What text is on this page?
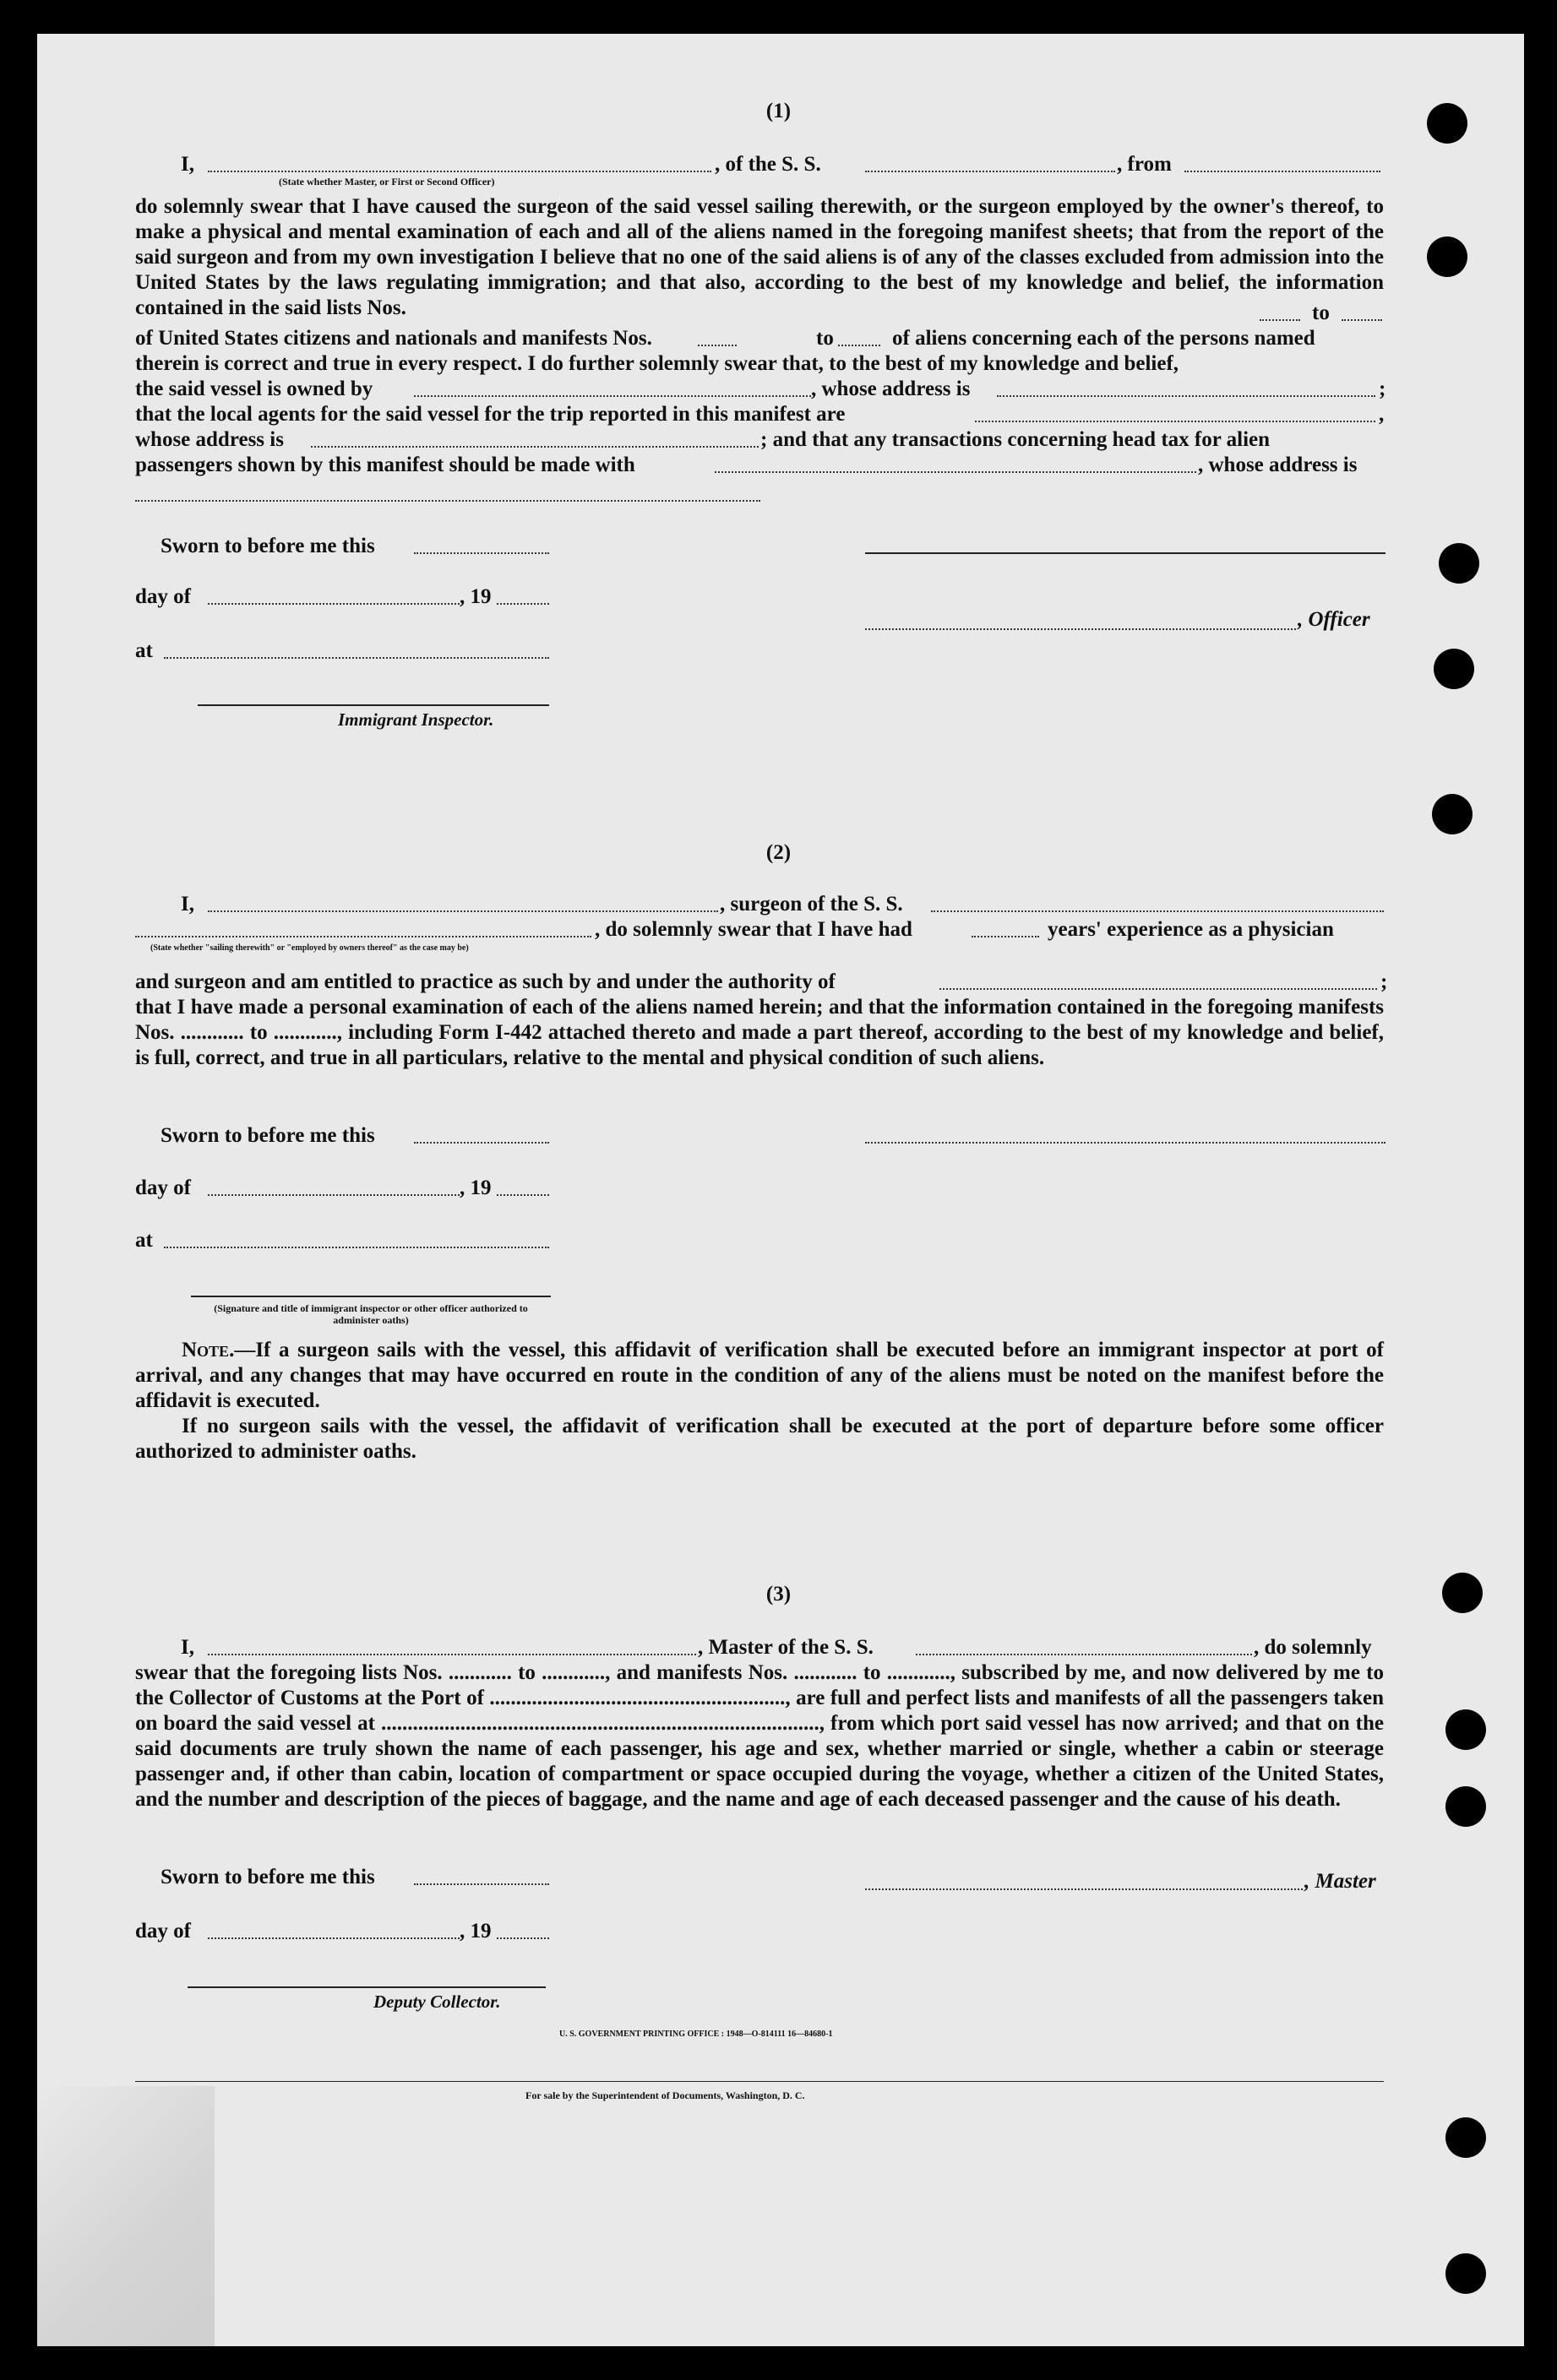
(1)
I,	, of the S. S.	, from
(State whether Master, or First or Second Officer)
do solemnly swear that I have caused the surgeon of the said vessel sailing therewith, or the surgeon employed by the owner's thereof, to make a physical and mental examination of each and all of the aliens named in the foregoing manifest sheets; that from the report of the said surgeon and from my own investigation I believe that no one of the said aliens is of any of the classes excluded from admission into the United States by the laws regulating immigration; and that also, according to the best of my knowledge and belief, the information contained in the said lists Nos.	to
of United States citizens and nationals and manifests Nos.	to	of aliens concerning each of the persons named
therein is correct and true in every respect. I do further solemnly swear that, to the best of my knowledge and belief,
the said vessel is owned by	, whose address is	;
that the local agents for the said vessel for the trip reported in this manifest are	,
whose address is	; and that any transactions concerning head tax for alien
passengers shown by this manifest should be made with	, whose address is
Sworn to before me this
day of	, 19
, Officer
at
Immigrant Inspector.
(2)
I,	, surgeon of the S. S.
, do solemnly swear that I have had	years' experience as a physician
(State whether "sailing therewith" or "employed by owners thereof" as the case may be)
and surgeon and am entitled to practice as such by and under the authority of	;
that I have made a personal examination of each of the aliens named herein; and that the information contained in the foregoing manifests Nos. ............ to ............, including Form I-442 attached thereto and made a part thereof, according to the best of my knowledge and belief, is full, correct, and true in all particulars, relative to the mental and physical condition of such aliens.
Sworn to before me this
day of	, 19
at
(Signature and title of immigrant inspector or other officer authorized to administer oaths)
Note.—If a surgeon sails with the vessel, this affidavit of verification shall be executed before an immigrant inspector at port of arrival, and any changes that may have occurred en route in the condition of any of the aliens must be noted on the manifest before the affidavit is executed.
If no surgeon sails with the vessel, the affidavit of verification shall be executed at the port of departure before some officer authorized to administer oaths.
(3)
I,	, Master of the S. S.	, do solemnly
swear that the foregoing lists Nos. ............ to ............, and manifests Nos. ............ to ............, subscribed by me, and now delivered by me to the Collector of Customs at the Port of ........................................................, are full and perfect lists and manifests of all the passengers taken on board the said vessel at ..................................................................................., from which port said vessel has now arrived; and that on the said documents are truly shown the name of each passenger, his age and sex, whether married or single, whether a cabin or steerage passenger and, if other than cabin, location of compartment or space occupied during the voyage, whether a citizen of the United States, and the number and description of the pieces of baggage, and the name and age of each deceased passenger and the cause of his death.
Sworn to before me this	, Master
day of	, 19
Deputy Collector.
U. S. GOVERNMENT PRINTING OFFICE : 1948—O-814111 16—84680-1
For sale by the Superintendent of Documents, Washington, D. C.
